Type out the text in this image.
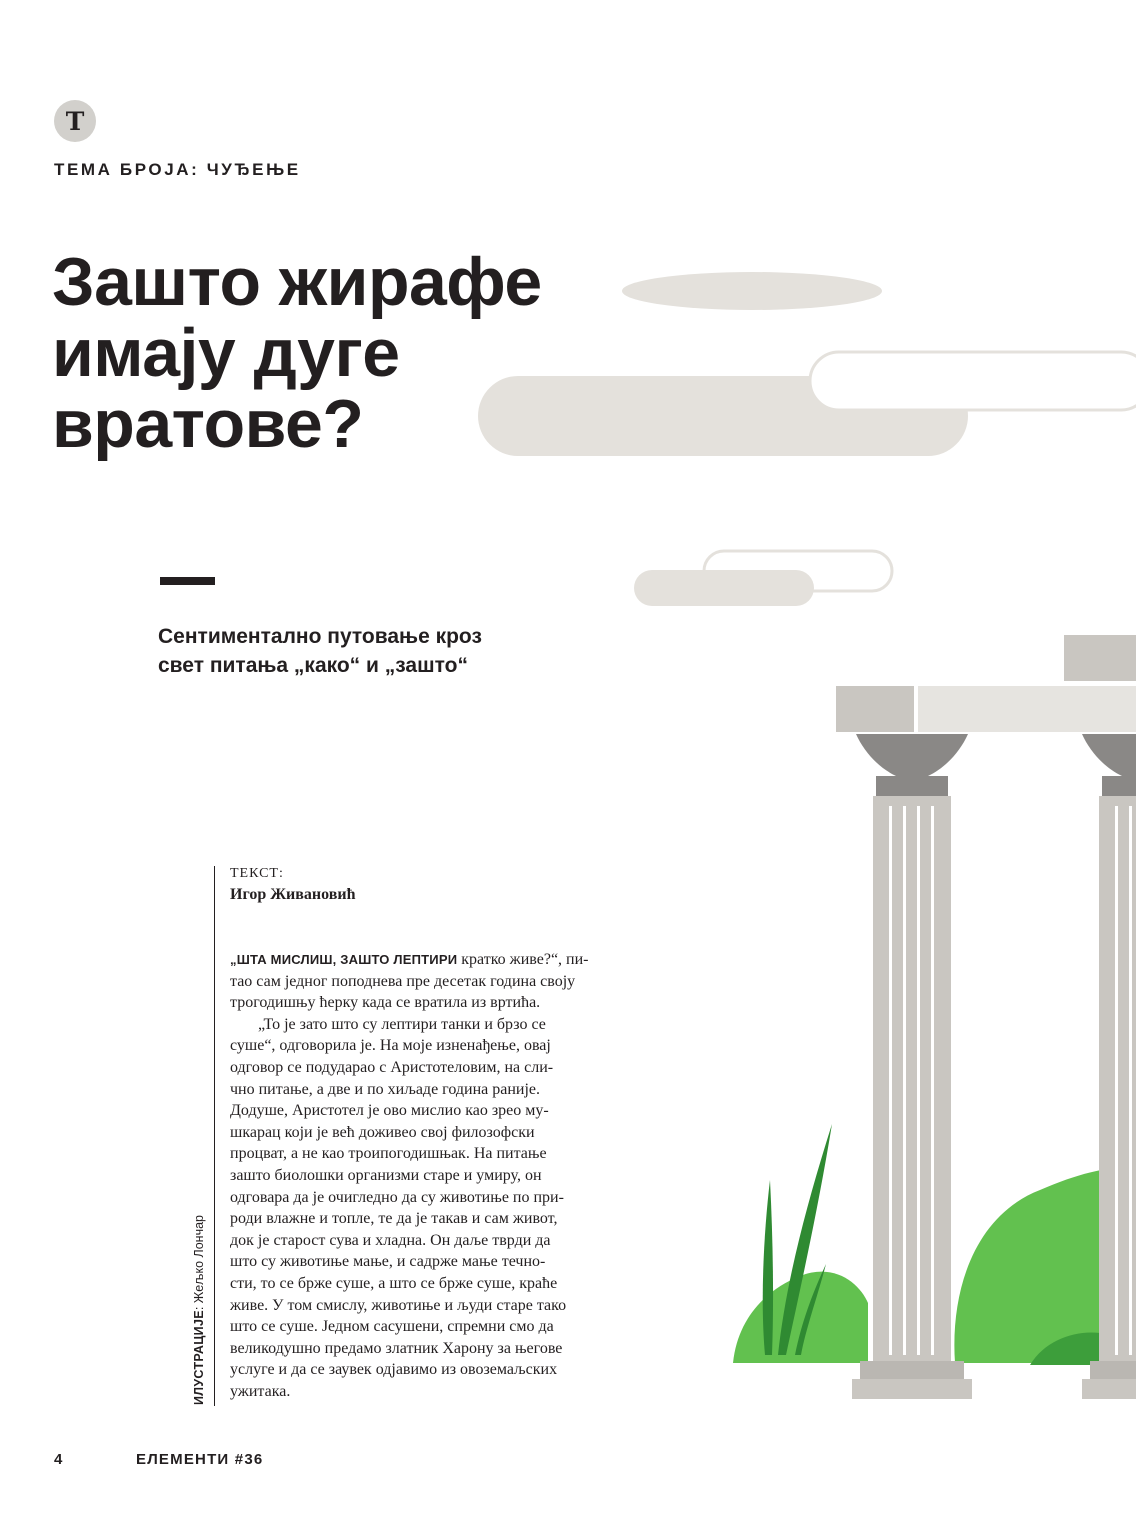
Т
ТЕМА БРОЈА: ЧУЂЕЊЕ
Зашто жирафе
имају дуге
вратове?
Сентиментално путовање кроз
свет питања „како“ и „зашто“
ИЛУСТРАЦИЈЕ: Жељко Лончар
ТЕКСТ:
Игор Живановић
„ШТА МИСЛИШ, ЗАШТО ЛЕПТИРИ кратко живе?“, пи-
тао сам једног поподнева пре десетак година своју
трогодишњу ћерку када се вратила из вртића.
„То је зато што су лептири танки и брзо се
суше“, одговорила је. На моје изненађење, овај
одговор се подударао с Аристотеловим, на сли-
чно питање, а две и по хиљаде година раније.
Додуше, Аристотел је ово мислио као зрео му-
шкарац који је већ доживео свој филозофски
процват, а не као троипогодишњак. На питање
зашто биолошки организми старе и умиру, он
одговара да је очигледно да су животиње по при-
роди влажне и топле, те да је такав и сам живот,
док је старост сува и хладна. Он даље тврди да
што су животиње мање, и садрже мање течно-
сти, то се брже суше, а што се брже суше, краће
живе. У том смислу, животиње и људи старе тако
што се суше. Једном сасушени, спремни смо да
великодушно предамо златник Харону за његове
услуге и да се заувек одјавимо из овоземаљских
ужитака.
4	ЕЛЕМЕНТИ #36
